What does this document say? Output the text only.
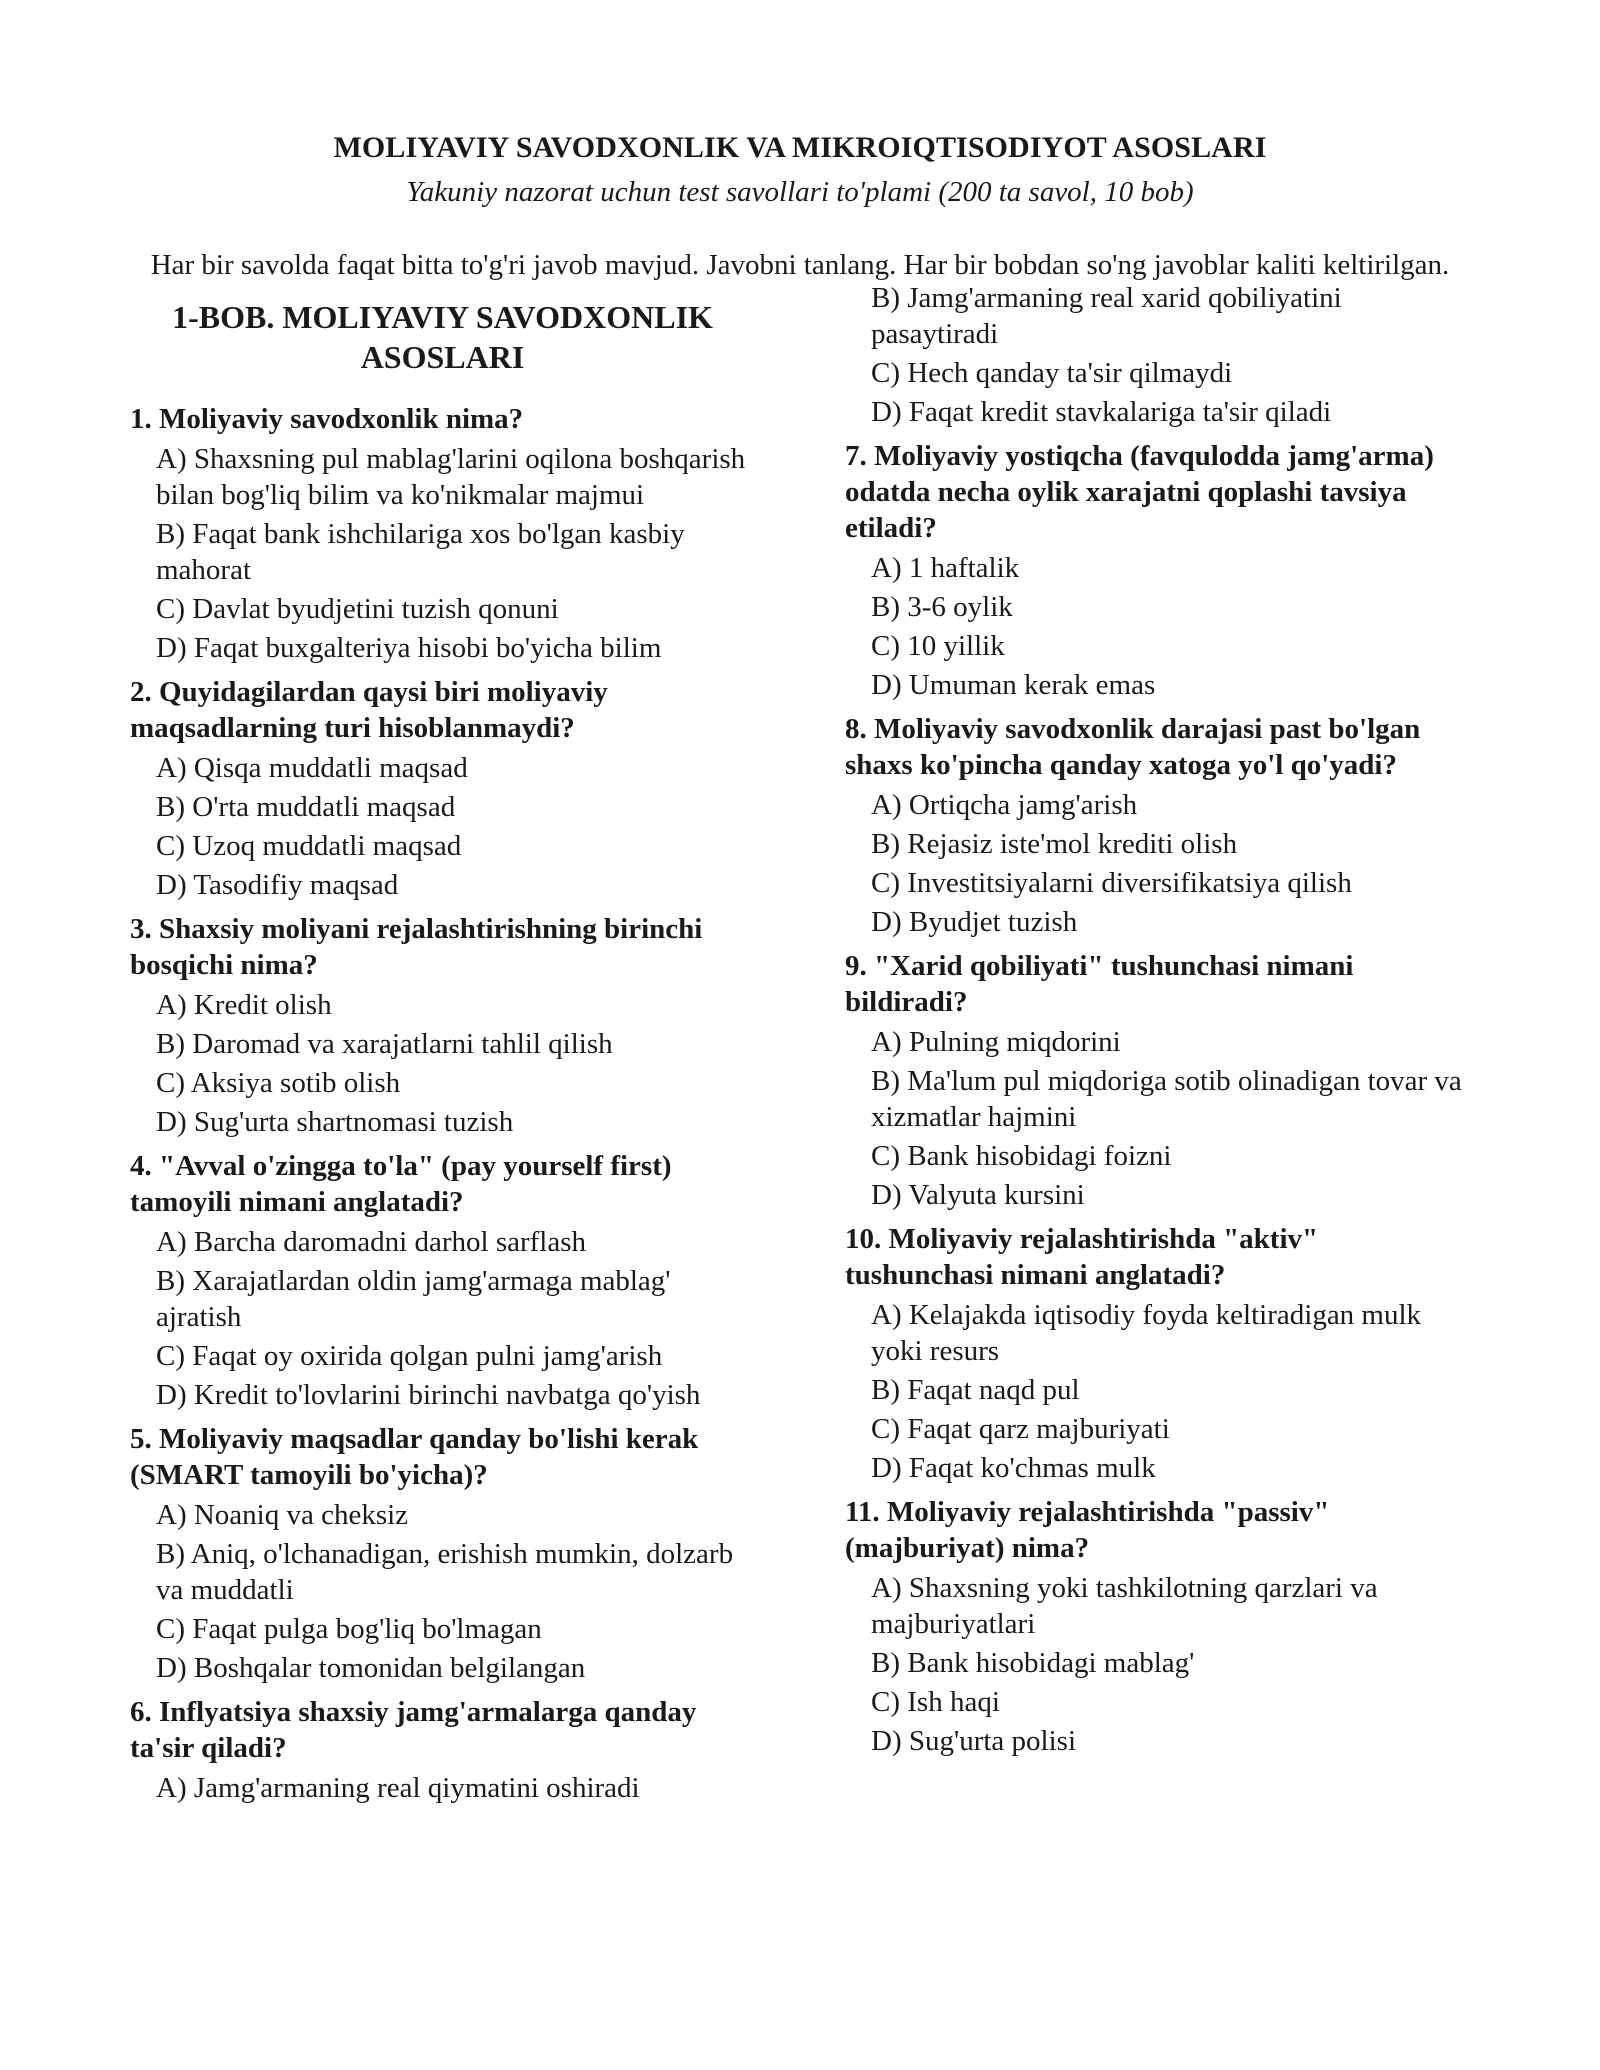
MOLIYAVIY SAVODXONLIK VA MIKROIQTISODIYOT ASOSLARI

Yakuniy nazorat uchun test savollari to'plami (200 ta savol, 10 bob)

Har bir savolda faqat bitta to'g'ri javob mavjud. Javobni tanlang. Har bir bobdan so'ng javoblar kaliti keltirilgan.

1-BOB. MOLIYAVIY SAVODXONLIK ASOSLARI

1. Moliyaviy savodxonlik nima?

A) Shaxsning pul mablag'larini oqilona boshqarish bilan bog'liq bilim va ko'nikmalar majmui
B) Faqat bank ishchilariga xos bo'lgan kasbiy mahorat
C) Davlat byudjetini tuzish qonuni
D) Faqat buxgalteriya hisobi bo'yicha bilim

2. Quyidagilardan qaysi biri moliyaviy maqsadlarning turi hisoblanmaydi?

A) Qisqa muddatli maqsad
B) O'rta muddatli maqsad
C) Uzoq muddatli maqsad
D) Tasodifiy maqsad

3. Shaxsiy moliyani rejalashtirishning birinchi bosqichi nima?

A) Kredit olish
B) Daromad va xarajatlarni tahlil qilish
C) Aksiya sotib olish
D) Sug'urta shartnomasi tuzish

4. "Avval o'zingga to'la" (pay yourself first) tamoyili nimani anglatadi?

A) Barcha daromadni darhol sarflash
B) Xarajatlardan oldin jamg'armaga mablag' ajratish
C) Faqat oy oxirida qolgan pulni jamg'arish
D) Kredit to'lovlarini birinchi navbatga qo'yish

5. Moliyaviy maqsadlar qanday bo'lishi kerak (SMART tamoyili bo'yicha)?

A) Noaniq va cheksiz
B) Aniq, o'lchanadigan, erishish mumkin, dolzarb va muddatli
C) Faqat pulga bog'liq bo'lmagan
D) Boshqalar tomonidan belgilangan

6. Inflyatsiya shaxsiy jamg'armalarga qanday ta'sir qiladi?

A) Jamg'armaning real qiymatini oshiradi
B) Jamg'armaning real xarid qobiliyatini pasaytiradi
C) Hech qanday ta'sir qilmaydi
D) Faqat kredit stavkalariga ta'sir qiladi

7. Moliyaviy yostiqcha (favqulodda jamg'arma) odatda necha oylik xarajatni qoplashi tavsiya etiladi?

A) 1 haftalik
B) 3-6 oylik
C) 10 yillik
D) Umuman kerak emas

8. Moliyaviy savodxonlik darajasi past bo'lgan shaxs ko'pincha qanday xatoga yo'l qo'yadi?

A) Ortiqcha jamg'arish
B) Rejasiz iste'mol krediti olish
C) Investitsiyalarni diversifikatsiya qilish
D) Byudjet tuzish

9. "Xarid qobiliyati" tushunchasi nimani bildiradi?

A) Pulning miqdorini
B) Ma'lum pul miqdoriga sotib olinadigan tovar va xizmatlar hajmini
C) Bank hisobidagi foizni
D) Valyuta kursini

10. Moliyaviy rejalashtirishda "aktiv" tushunchasi nimani anglatadi?

A) Kelajakda iqtisodiy foyda keltiradigan mulk yoki resurs
B) Faqat naqd pul
C) Faqat qarz majburiyati
D) Faqat ko'chmas mulk

11. Moliyaviy rejalashtirishda "passiv" (majburiyat) nima?

A) Shaxsning yoki tashkilotning qarzlari va majburiyatlari
B) Bank hisobidagi mablag'
C) Ish haqi
D) Sug'urta polisi
